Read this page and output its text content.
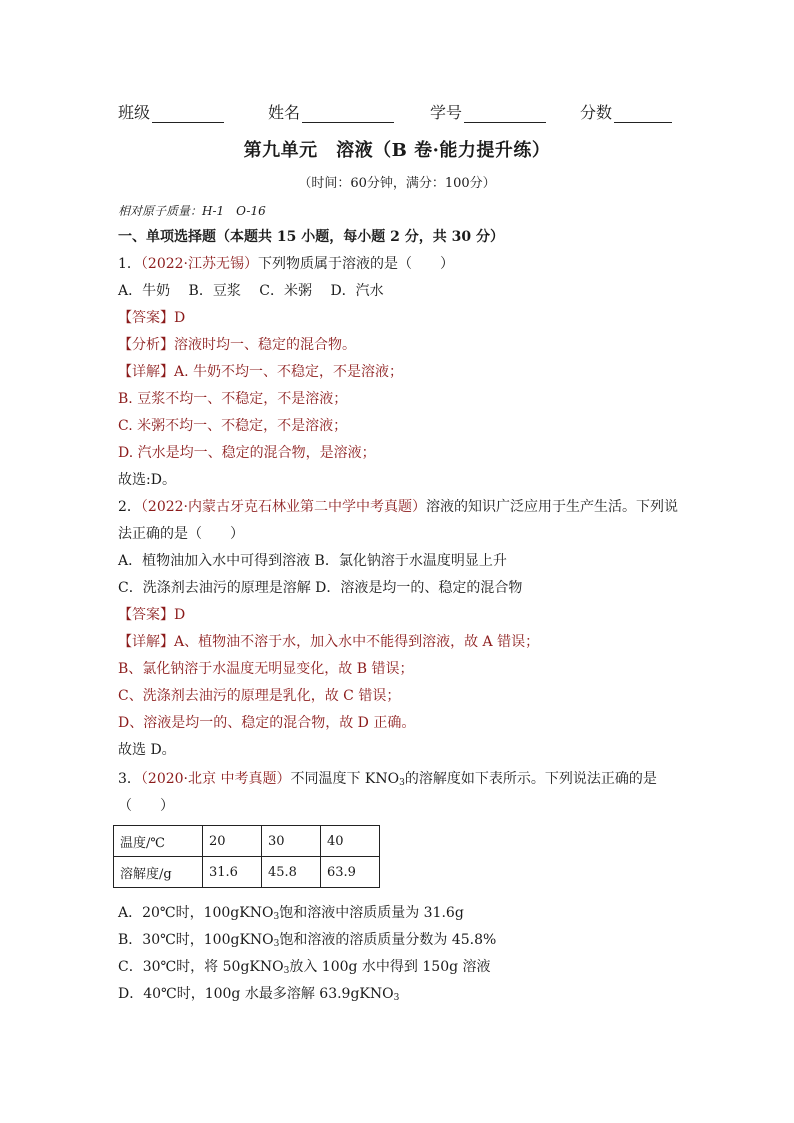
班级	姓名	学号	分数
第九单元　溶液（B 卷·能力提升练）
（时间：60分钟，满分：100分）
相对原子质量：H-1　O-16
一、单项选择题（本题共 15 小题，每小题 2 分，共 30 分）
1．（2022·江苏无锡）下列物质属于溶液的是（　　）
A．牛奶　 B．豆浆　 C．米粥　 D．汽水
【答案】D
【分析】溶液时均一、稳定的混合物。
【详解】A. 牛奶不均一、不稳定，不是溶液；
B. 豆浆不均一、不稳定，不是溶液；
C. 米粥不均一、不稳定，不是溶液；
D. 汽水是均一、稳定的混合物，是溶液；
故选:D。
2．（2022·内蒙古牙克石林业第二中学中考真题）溶液的知识广泛应用于生产生活。下列说
法正确的是（　　）
A．植物油加入水中可得到溶液 B．氯化钠溶于水温度明显上升
C．洗涤剂去油污的原理是溶解 D．溶液是均一的、稳定的混合物
【答案】D
【详解】A、植物油不溶于水，加入水中不能得到溶液，故 A 错误；
B、氯化钠溶于水温度无明显变化，故 B 错误；
C、洗涤剂去油污的原理是乳化，故 C 错误；
D、溶液是均一的、稳定的混合物，故 D 正确。
故选 D。
3．（2020·北京 中考真题）不同温度下 $KNO_3$的溶解度如下表所示。下列说法正确的是
（　　）
温度/℃	20	30	40
溶解度/g	31.6	45.8	63.9
A．20℃时，100gKNO$_3$饱和溶液中溶质质量为 31.6g
B．30℃时，100gKNO$_3$饱和溶液的溶质质量分数为 45.8%
C．30℃时，将 50gKNO$_3$放入 100g 水中得到 150g 溶液
D．40℃时，100g 水最多溶解 63.9gKNO$_3$
